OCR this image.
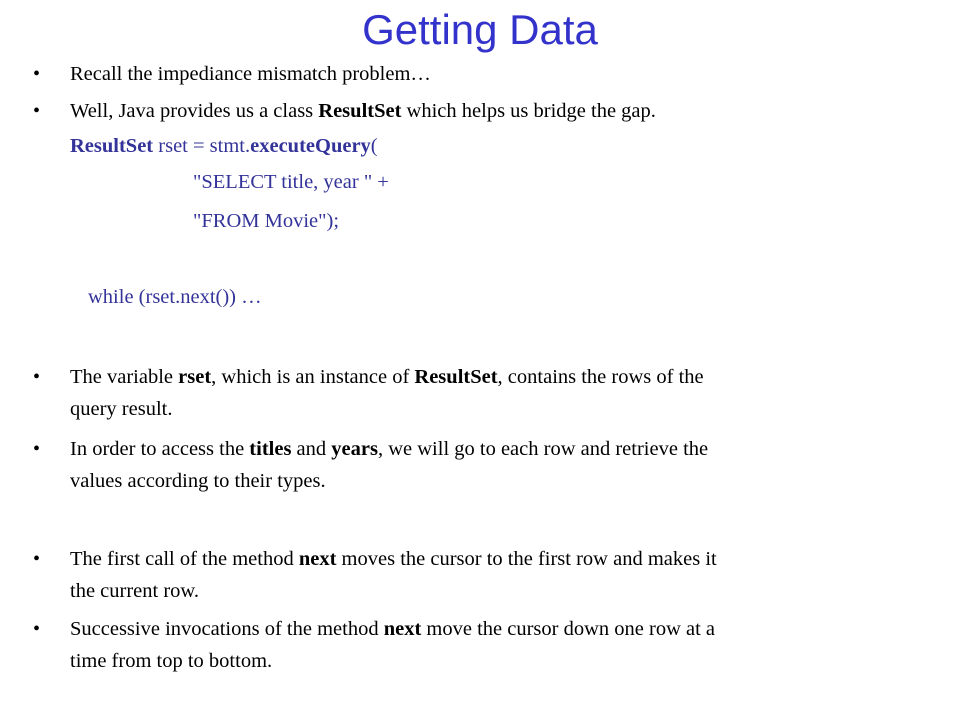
Getting Data
• Recall the impediance mismatch problem…
• Well, Java provides us a class ResultSet which helps us bridge the gap.
ResultSet rset = stmt.executeQuery(
"SELECT title, year " +
"FROM Movie");
while (rset.next()) …
• The variable rset, which is an instance of ResultSet, contains the rows of the
query result.
• In order to access the titles and years, we will go to each row and retrieve the
values according to their types.
• The first call of the method next moves the cursor to the first row and makes it
the current row.
• Successive invocations of the method next move the cursor down one row at a
time from top to bottom.
